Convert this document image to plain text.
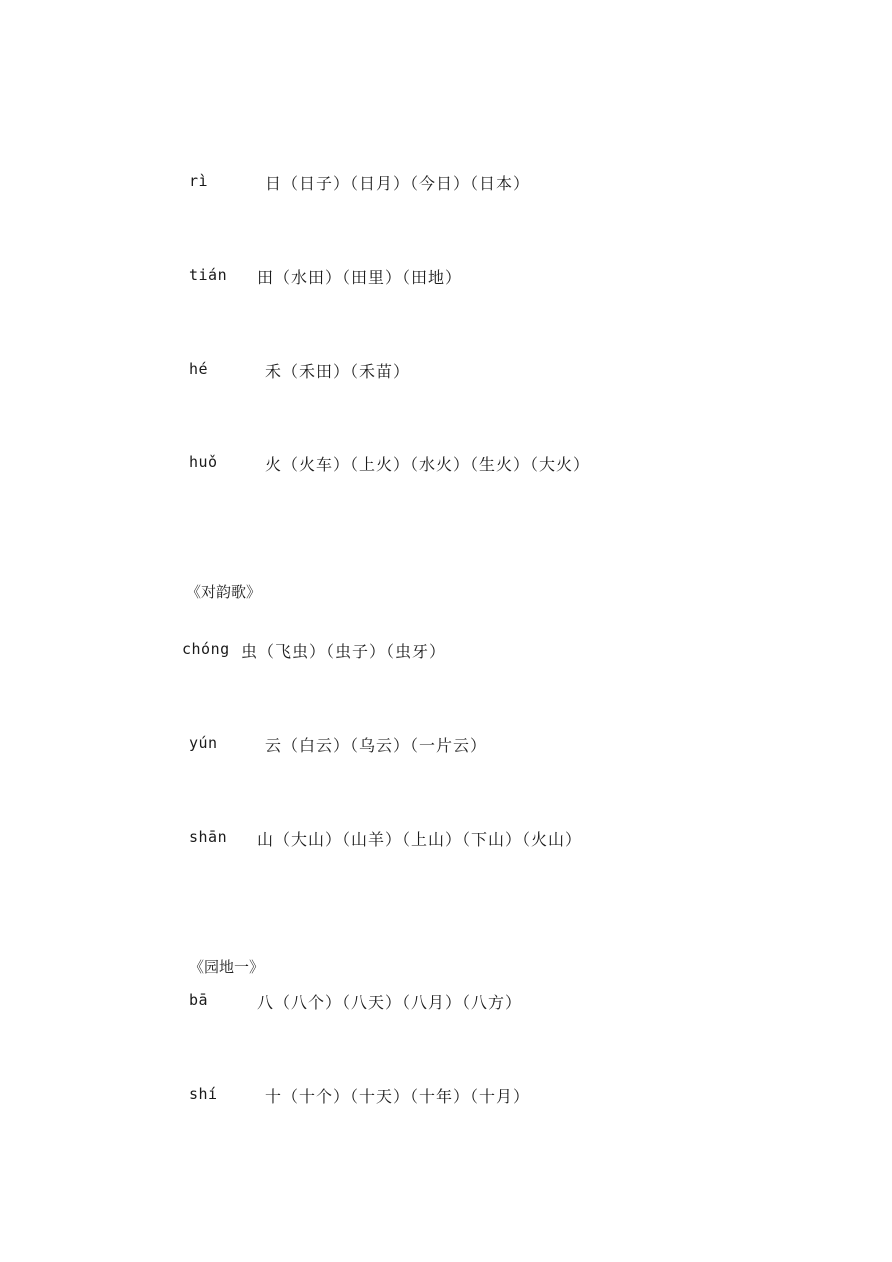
rì	日（日子）（日月）（今日）（日本）
tián 田（水田）（田里）（田地）
hé	禾（禾田）（禾苗）
huǒ	火（火车）（上火）（水火）（生火）（大火）
《对韵歌》
chóng 虫（飞虫）（虫子）（虫牙）
yún	云（白云）（乌云）（一片云）
shān 山（大山）（山羊）（上山）（下山）（火山）
《园地一》
bā	八（八个）（八天）（八月）（八方）
shí	十（十个）（十天）（十年）（十月）
